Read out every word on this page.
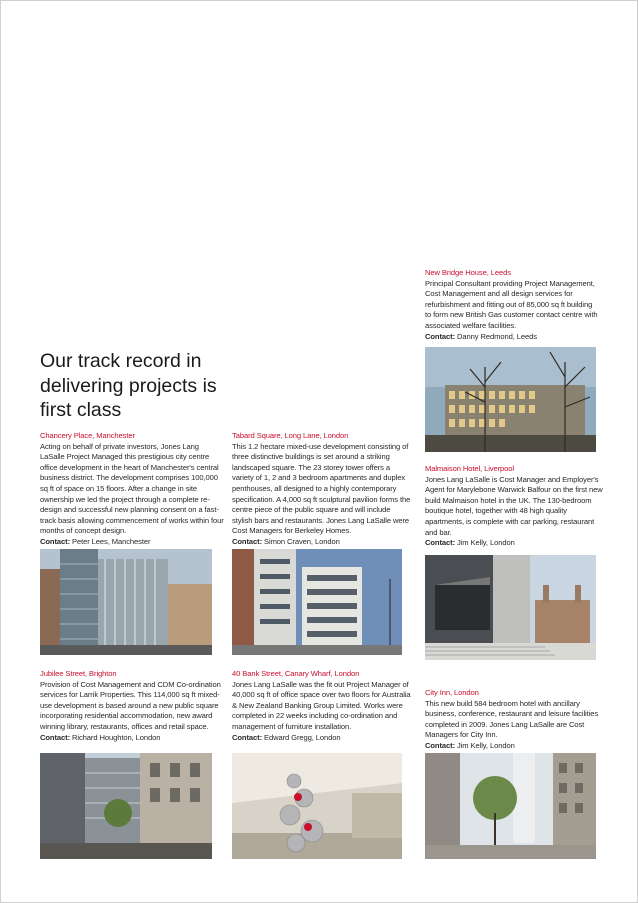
New Bridge House, Leeds
Principal Consultant providing Project Management, Cost Management and all design services for refurbishment and fitting out of 85,000 sq ft building to form new British Gas customer contact centre with associated welfare facilities.
Contact: Danny Redmond, Leeds
Our track record in delivering projects is first class
Chancery Place, Manchester
Acting on behalf of private investors, Jones Lang LaSalle Project Managed this prestigious city centre office development in the heart of Manchester's central business district. The development comprises 100,000 sq ft of space on 15 floors. After a change in site ownership we led the project through a complete re-design and successful new planning consent on a fast-track basis allowing commencement of works within four months of concept design.
Contact: Peter Lees, Manchester
Tabard Square, Long Lane, London
This 1.2 hectare mixed-use development consisting of three distinctive buildings is set around a striking landscaped square. The 23 storey tower offers a variety of 1, 2 and 3 bedroom apartments and duplex penthouses, all designed to a highly contemporary specification. A 4,000 sq ft sculptural pavilion forms the centre piece of the public square and will include stylish bars and restaurants. Jones Lang LaSalle were Cost Managers for Berkeley Homes.
Contact: Simon Craven, London
Malmaison Hotel, Liverpool
Jones Lang LaSalle is Cost Manager and Employer's Agent for Marylebone Warwick Balfour on the first new build Malmaison hotel in the UK. The 130-bedroom boutique hotel, together with 48 high quality apartments, is complete with car parking, restaurant and bar.
Contact: Jim Kelly, London
Jubilee Street, Brighton
Provision of Cost Management and CDM Co-ordination services for Larrik Properties. This 114,000 sq ft mixed-use development is based around a new public square incorporating residential accommodation, new award winning library, restaurants, offices and retail space.
Contact: Richard Houghton, London
40 Bank Street, Canary Wharf, London
Jones Lang LaSalle was the fit out Project Manager of 40,000 sq ft of office space over two floors for Australia & New Zealand Banking Group Limited. Works were completed in 22 weeks including co-ordination and management of furniture installation.
Contact: Edward Gregg, London
City Inn, London
This new build 584 bedroom hotel with ancillary business, conference, restaurant and leisure facilities completed in 2009. Jones Lang LaSalle are Cost Managers for City Inn.
Contact: Jim Kelly, London
